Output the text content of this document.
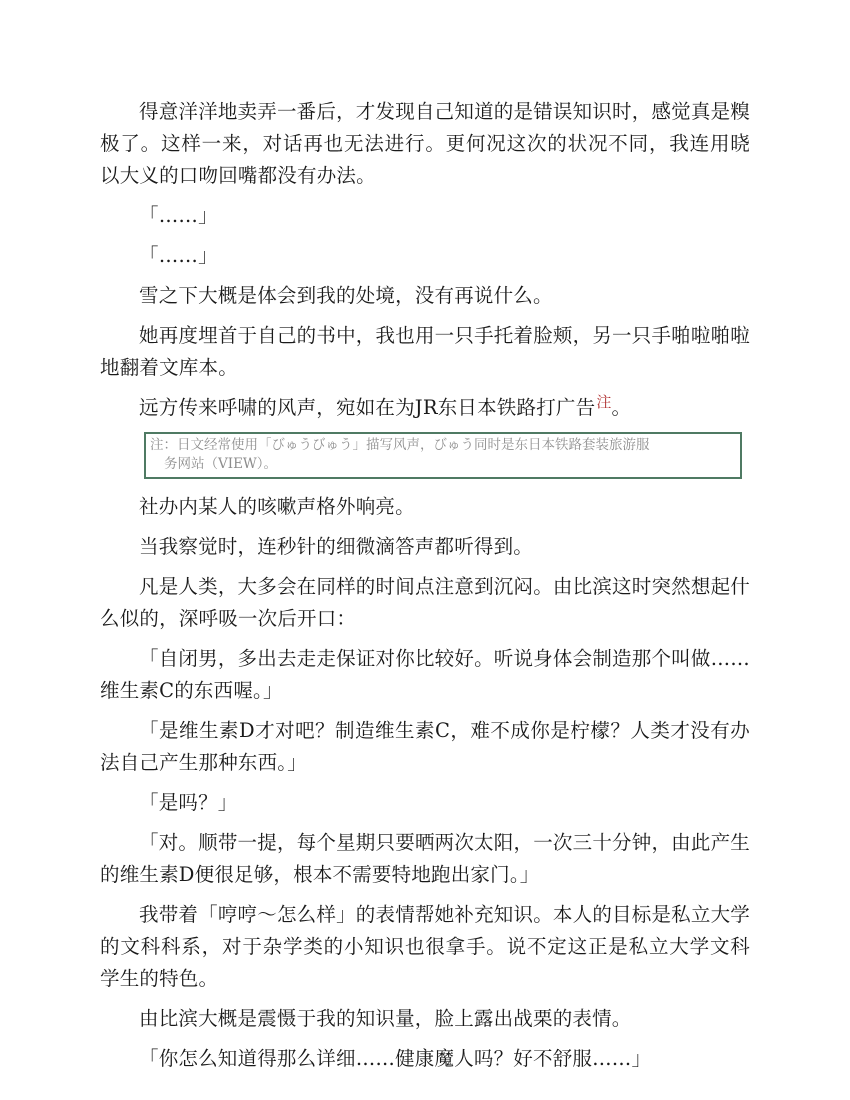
得意洋洋地卖弄一番后，才发现自己知道的是错误知识时，感觉真是糗极了。这样一来，对话再也无法进行。更何况这次的状况不同，我连用晓以大义的口吻回嘴都没有办法。

「……」

「……」

雪之下大概是体会到我的处境，没有再说什么。

她再度埋首于自己的书中，我也用一只手托着脸颊，另一只手啪啦啪啦地翻着文库本。

远方传来呼啸的风声，宛如在为JR东日本铁路打广告$^注$。

注：日文经常使用「びゅうびゅう」描写风声，びゅう同时是东日本铁路套装旅游服
务网站（VIEW）。

社办内某人的咳嗽声格外响亮。

当我察觉时，连秒针的细微滴答声都听得到。

凡是人类，大多会在同样的时间点注意到沉闷。由比滨这时突然想起什么似的，深呼吸一次后开口：

「自闭男，多出去走走保证对你比较好。听说身体会制造那个叫做……维生素C的东西喔。」

「是维生素D才对吧？制造维生素C，难不成你是柠檬？人类才没有办法自己产生那种东西。」

「是吗？」

「对。顺带一提，每个星期只要晒两次太阳，一次三十分钟，由此产生的维生素D便很足够，根本不需要特地跑出家门。」

我带着「哼哼～怎么样」的表情帮她补充知识。本人的目标是私立大学的文科科系，对于杂学类的小知识也很拿手。说不定这正是私立大学文科学生的特色。

由比滨大概是震慑于我的知识量，脸上露出战栗的表情。

「你怎么知道得那么详细……健康魔人吗？好不舒服……」
